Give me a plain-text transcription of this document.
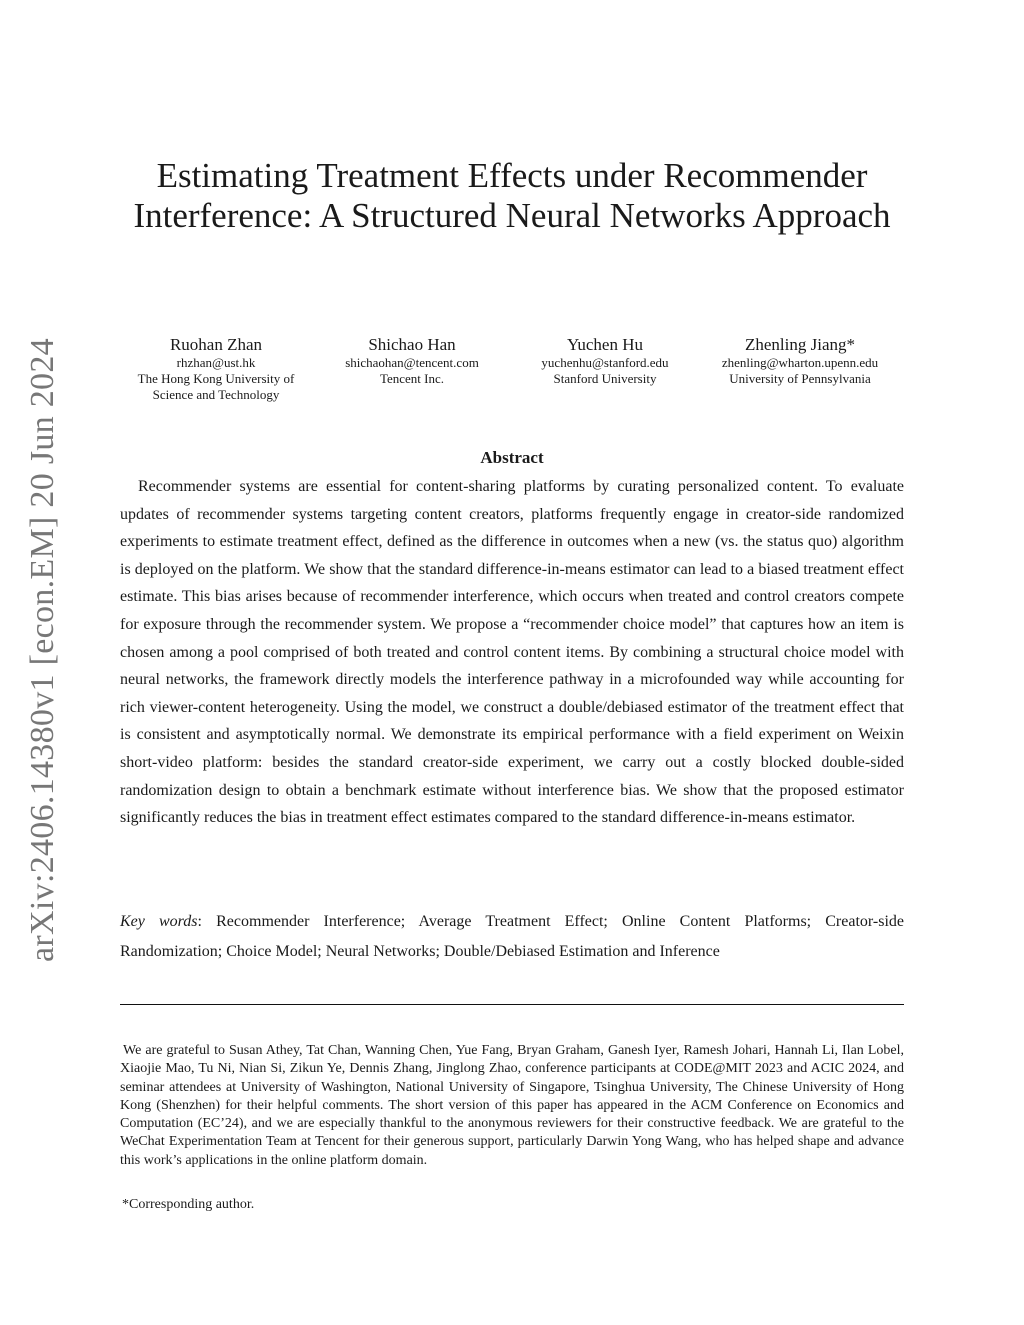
arXiv:2406.14380v1 [econ.EM] 20 Jun 2024
Estimating Treatment Effects under Recommender Interference: A Structured Neural Networks Approach
Ruohan Zhan
rhzhan@ust.hk
The Hong Kong University of
Science and Technology
Shichao Han
shichaohan@tencent.com
Tencent Inc.
Yuchen Hu
yuchenhu@stanford.edu
Stanford University
Zhenling Jiang*
zhenling@wharton.upenn.edu
University of Pennsylvania
Abstract

Recommender systems are essential for content-sharing platforms by curating personalized content. To evaluate updates of recommender systems targeting content creators, platforms frequently engage in creator-side randomized experiments to estimate treatment effect, defined as the difference in outcomes when a new (vs. the status quo) algorithm is deployed on the platform. We show that the standard difference-in-means estimator can lead to a biased treatment effect estimate. This bias arises because of recommender interference, which occurs when treated and control creators compete for exposure through the recommender system. We propose a “recommender choice model” that captures how an item is chosen among a pool comprised of both treated and control content items. By combining a structural choice model with neural networks, the framework directly models the interference pathway in a microfounded way while accounting for rich viewer-content heterogeneity. Using the model, we construct a double/debiased estimator of the treatment effect that is consistent and asymptotically normal. We demonstrate its empirical performance with a field experiment on Weixin short-video platform: besides the standard creator-side experiment, we carry out a costly blocked double-sided randomization design to obtain a benchmark estimate without interference bias. We show that the proposed estimator significantly reduces the bias in treatment effect estimates compared to the standard difference-in-means estimator.

Key words: Recommender Interference; Average Treatment Effect; Online Content Platforms; Creator-side Randomization; Choice Model; Neural Networks; Double/Debiased Estimation and Inference

We are grateful to Susan Athey, Tat Chan, Wanning Chen, Yue Fang, Bryan Graham, Ganesh Iyer, Ramesh Johari, Hannah Li, Ilan Lobel, Xiaojie Mao, Tu Ni, Nian Si, Zikun Ye, Dennis Zhang, Jinglong Zhao, conference participants at CODE@MIT 2023 and ACIC 2024, and seminar attendees at University of Washington, National University of Singapore, Tsinghua University, The Chinese University of Hong Kong (Shenzhen) for their helpful comments. The short version of this paper has appeared in the ACM Conference on Economics and Computation (EC’24), and we are especially thankful to the anonymous reviewers for their constructive feedback. We are grateful to the WeChat Experimentation Team at Tencent for their generous support, particularly Darwin Yong Wang, who has helped shape and advance this work’s applications in the online platform domain.

*Corresponding author.
